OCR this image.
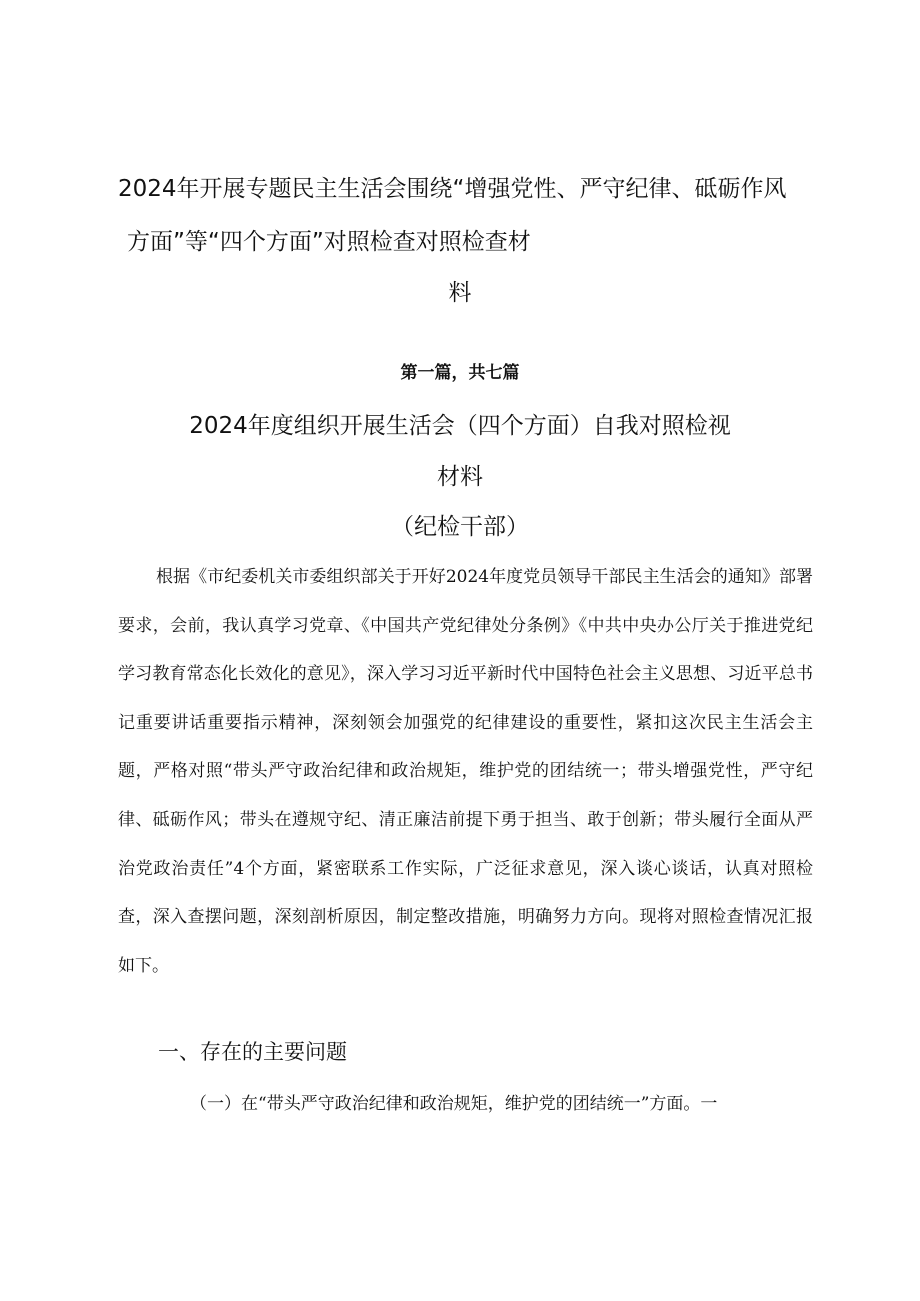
2024年开展专题民主生活会围绕“增强党性、严守纪律、砥砺作风
方面”等“四个方面”对照检查对照检查材
料
第一篇，共七篇
2024年度组织开展生活会（四个方面）自我对照检视
材料
（纪检干部）

根据《市纪委机关市委组织部关于开好2024年度党员领导干部民主生活会的通知》部署要求，会前，我认真学习党章、《中国共产党纪律处分条例》《中共中央办公厅关于推进党纪学习教育常态化长效化的意见》，深入学习习近平新时代中国特色社会主义思想、习近平总书记重要讲话重要指示精神，深刻领会加强党的纪律建设的重要性，紧扣这次民主生活会主题，严格对照“带头严守政治纪律和政治规矩，维护党的团结统一；带头增强党性，严守纪律、砥砺作风；带头在遵规守纪、清正廉洁前提下勇于担当、敢于创新；带头履行全面从严治党政治责任”4个方面，紧密联系工作实际，广泛征求意见，深入谈心谈话，认真对照检查，深入查摆问题，深刻剖析原因，制定整改措施，明确努力方向。现将对照检查情况汇报如下。

一、存在的主要问题
（一）在“带头严守政治纪律和政治规矩，维护党的团结统一”方面。一
